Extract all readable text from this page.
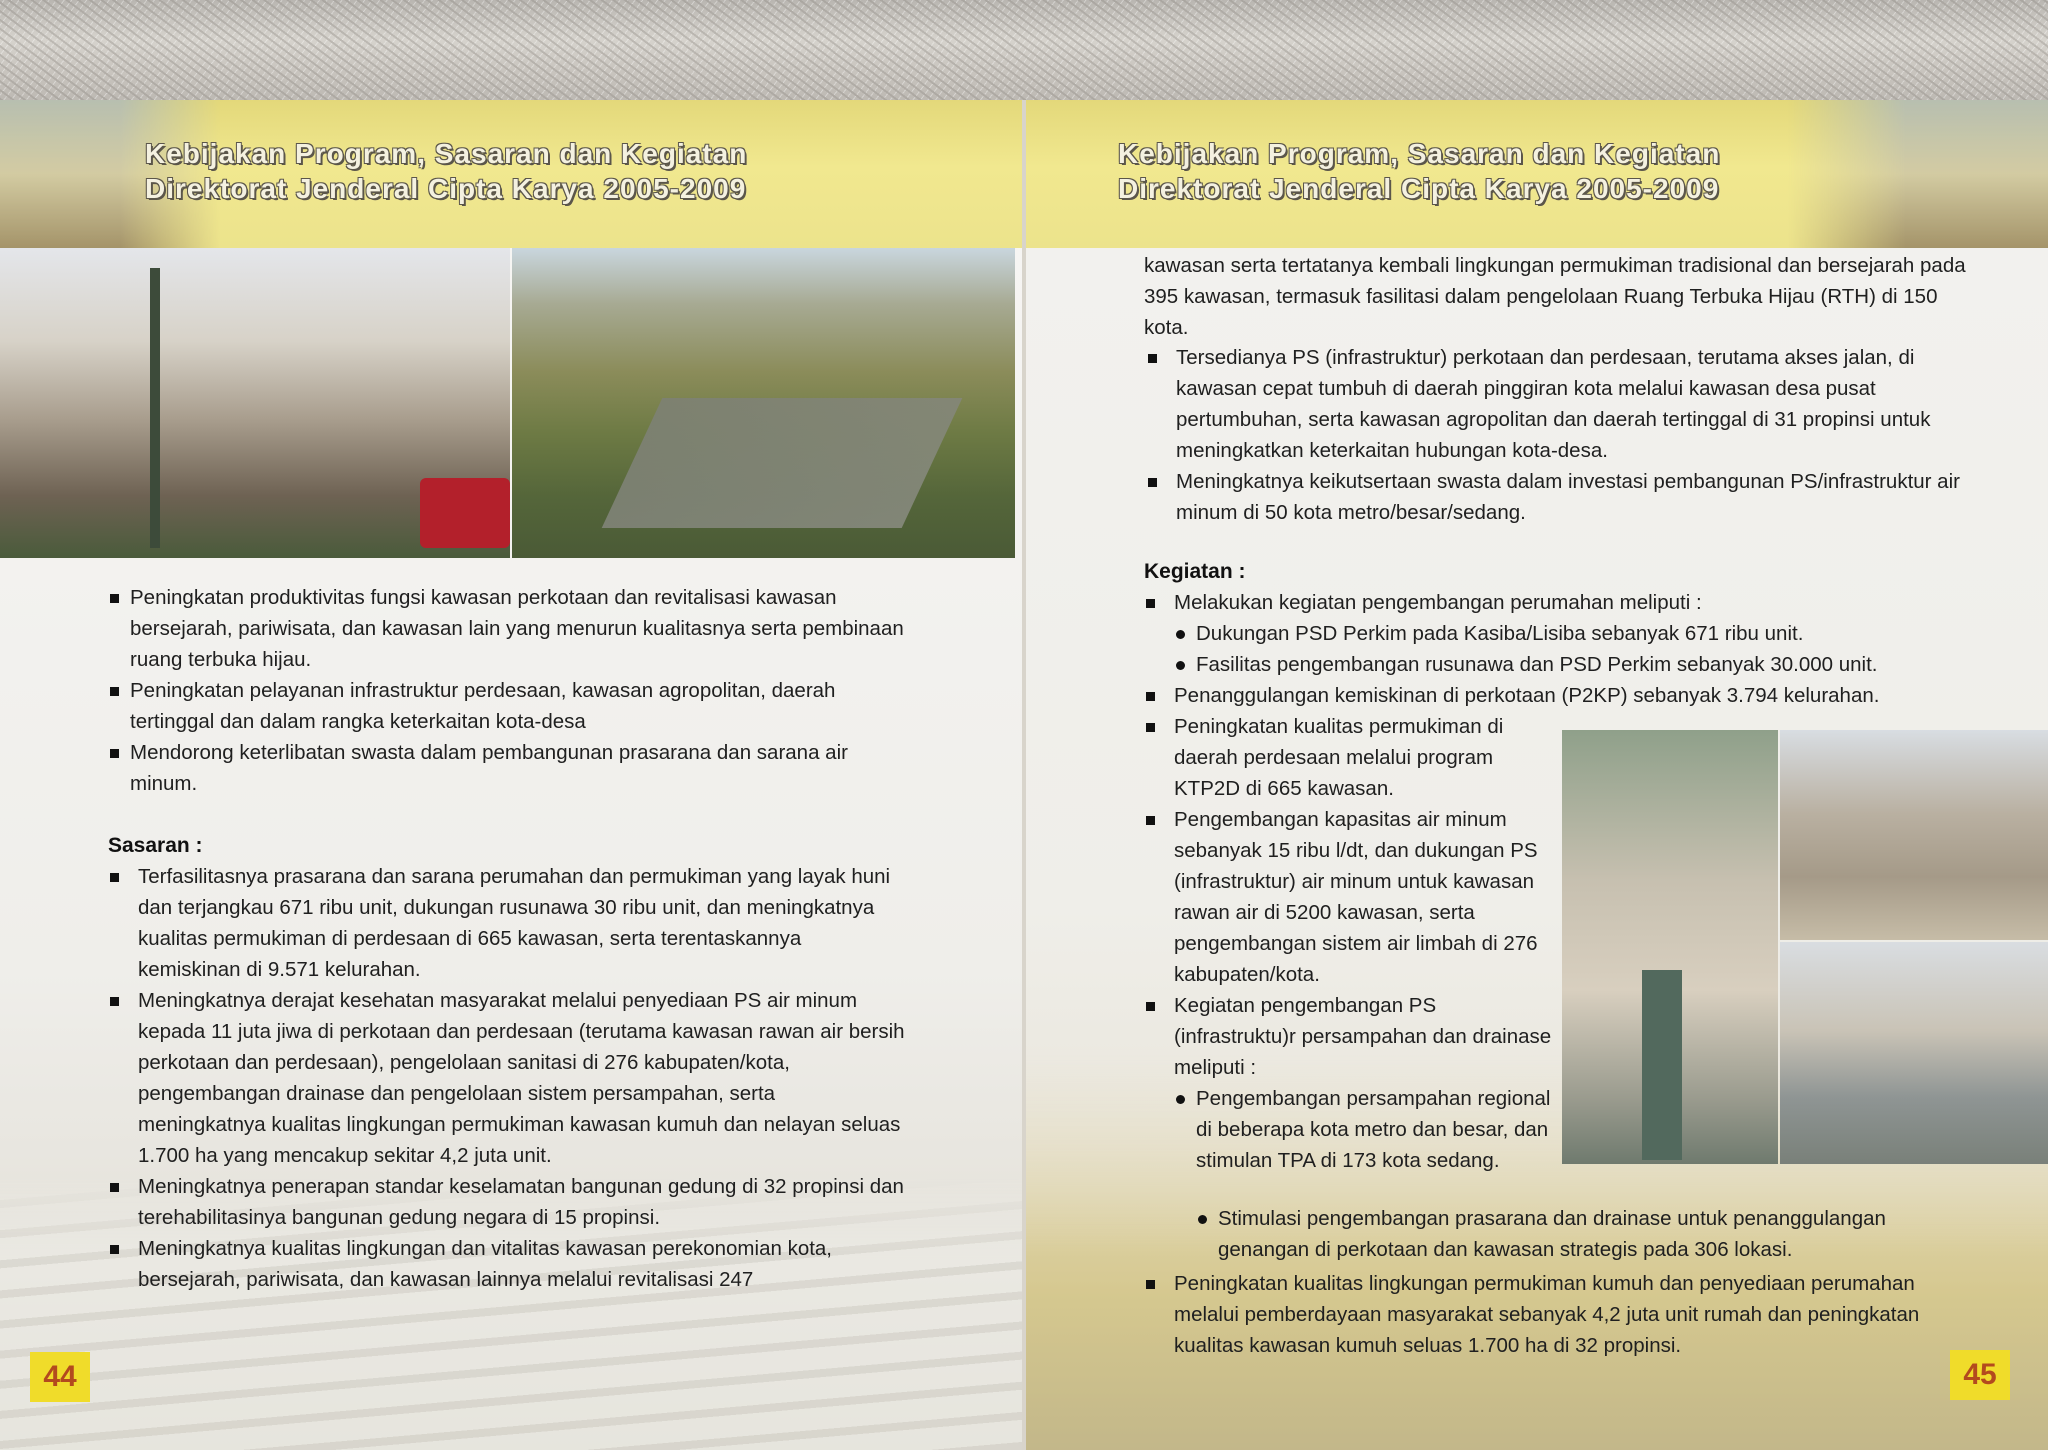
Kebijakan Program, Sasaran dan Kegiatan
Direktorat Jenderal Cipta Karya 2005-2009
Kebijakan Program, Sasaran dan Kegiatan
Direktorat Jenderal Cipta Karya 2005-2009
Peningkatan produktivitas fungsi kawasan perkotaan dan revitalisasi kawasan bersejarah, pariwisata, dan kawasan lain yang menurun kualitasnya serta pembinaan ruang terbuka hijau.
Peningkatan pelayanan infrastruktur perdesaan, kawasan agropolitan, daerah tertinggal dan dalam rangka keterkaitan kota-desa
Mendorong keterlibatan swasta dalam pembangunan prasarana dan sarana air minum.
Sasaran :
Terfasilitasnya prasarana dan sarana perumahan dan permukiman yang layak huni dan terjangkau 671 ribu unit, dukungan rusunawa 30 ribu unit, dan meningkatnya kualitas permukiman di perdesaan di 665 kawasan, serta terentaskannya kemiskinan di 9.571 kelurahan.
Meningkatnya derajat kesehatan masyarakat melalui penyediaan PS air minum kepada 11 juta jiwa di perkotaan dan perdesaan (terutama kawasan rawan air bersih perkotaan dan perdesaan), pengelolaan sanitasi di 276 kabupaten/kota, pengembangan drainase dan pengelolaan sistem persampahan, serta meningkatnya kualitas lingkungan permukiman kawasan kumuh dan nelayan seluas 1.700 ha yang mencakup sekitar 4,2 juta unit.
Meningkatnya penerapan standar keselamatan bangunan gedung di 32 propinsi dan terehabilitasinya bangunan gedung negara di 15 propinsi.
Meningkatnya kualitas lingkungan dan vitalitas kawasan perekonomian kota, bersejarah, pariwisata, dan kawasan lainnya melalui revitalisasi 247
44
kawasan serta tertatanya kembali lingkungan permukiman tradisional dan bersejarah pada 395 kawasan, termasuk fasilitasi dalam pengelolaan Ruang Terbuka Hijau (RTH) di 150 kota.
Tersedianya PS (infrastruktur) perkotaan dan perdesaan, terutama akses jalan, di kawasan cepat tumbuh di daerah pinggiran kota melalui kawasan desa pusat pertumbuhan, serta kawasan agropolitan dan daerah tertinggal di 31 propinsi untuk meningkatkan keterkaitan hubungan kota-desa.
Meningkatnya keikutsertaan swasta dalam investasi pembangunan PS/infrastruktur air minum di 50 kota metro/besar/sedang.
Kegiatan :
Melakukan kegiatan pengembangan perumahan meliputi :
Dukungan PSD Perkim pada Kasiba/Lisiba sebanyak 671 ribu unit.
Fasilitas pengembangan rusunawa dan PSD Perkim sebanyak 30.000 unit.
Penanggulangan kemiskinan di perkotaan (P2KP) sebanyak 3.794 kelurahan.
Peningkatan kualitas permukiman di daerah perdesaan melalui program KTP2D di 665 kawasan.
Pengembangan kapasitas air minum sebanyak 15 ribu l/dt, dan dukungan PS (infrastruktur) air minum untuk kawasan rawan air di 5200 kawasan, serta pengembangan sistem air limbah di 276 kabupaten/kota.
Kegiatan pengembangan PS (infrastruktu)r persampahan dan drainase meliputi :
Pengembangan persampahan regional di beberapa kota metro dan besar, dan stimulan TPA di 173 kota sedang.
Stimulasi pengembangan prasarana dan drainase untuk penanggulangan genangan di perkotaan dan kawasan strategis pada 306 lokasi.
Peningkatan kualitas lingkungan permukiman kumuh dan penyediaan perumahan melalui pemberdayaan masyarakat sebanyak 4,2 juta unit rumah dan peningkatan kualitas kawasan kumuh seluas 1.700 ha di 32 propinsi.
45
